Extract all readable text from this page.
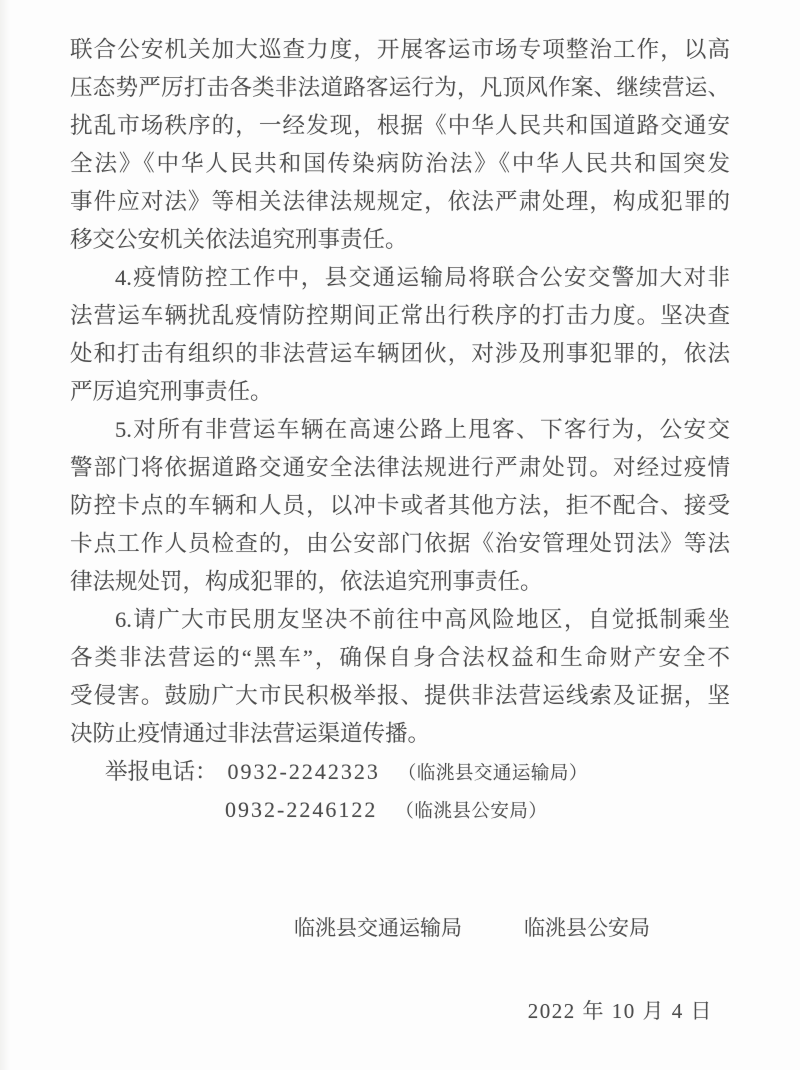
联合公安机关加大巡查力度，开展客运市场专项整治工作，以高
压态势严厉打击各类非法道路客运行为，凡顶风作案、继续营运、
扰乱市场秩序的，一经发现，根据《中华人民共和国道路交通安
全法》《中华人民共和国传染病防治法》《中华人民共和国突发
事件应对法》等相关法律法规规定，依法严肃处理，构成犯罪的
移交公安机关依法追究刑事责任。
4.疫情防控工作中，县交通运输局将联合公安交警加大对非
法营运车辆扰乱疫情防控期间正常出行秩序的打击力度。坚决查
处和打击有组织的非法营运车辆团伙，对涉及刑事犯罪的，依法
严厉追究刑事责任。
5.对所有非营运车辆在高速公路上甩客、下客行为，公安交
警部门将依据道路交通安全法律法规进行严肃处罚。对经过疫情
防控卡点的车辆和人员，以冲卡或者其他方法，拒不配合、接受
卡点工作人员检查的，由公安部门依据《治安管理处罚法》等法
律法规处罚，构成犯罪的，依法追究刑事责任。
6.请广大市民朋友坚决不前往中高风险地区，自觉抵制乘坐
各类非法营运的“黑车”，确保自身合法权益和生命财产安全不
受侵害。鼓励广大市民积极举报、提供非法营运线索及证据，坚
决防止疫情通过非法营运渠道传播。
举报电话： 0932-2242323 （临洮县交通运输局）
0932-2246122 （临洮县公安局）
临洮县交通运输局	临洮县公安局
2022 年 10 月 4 日
